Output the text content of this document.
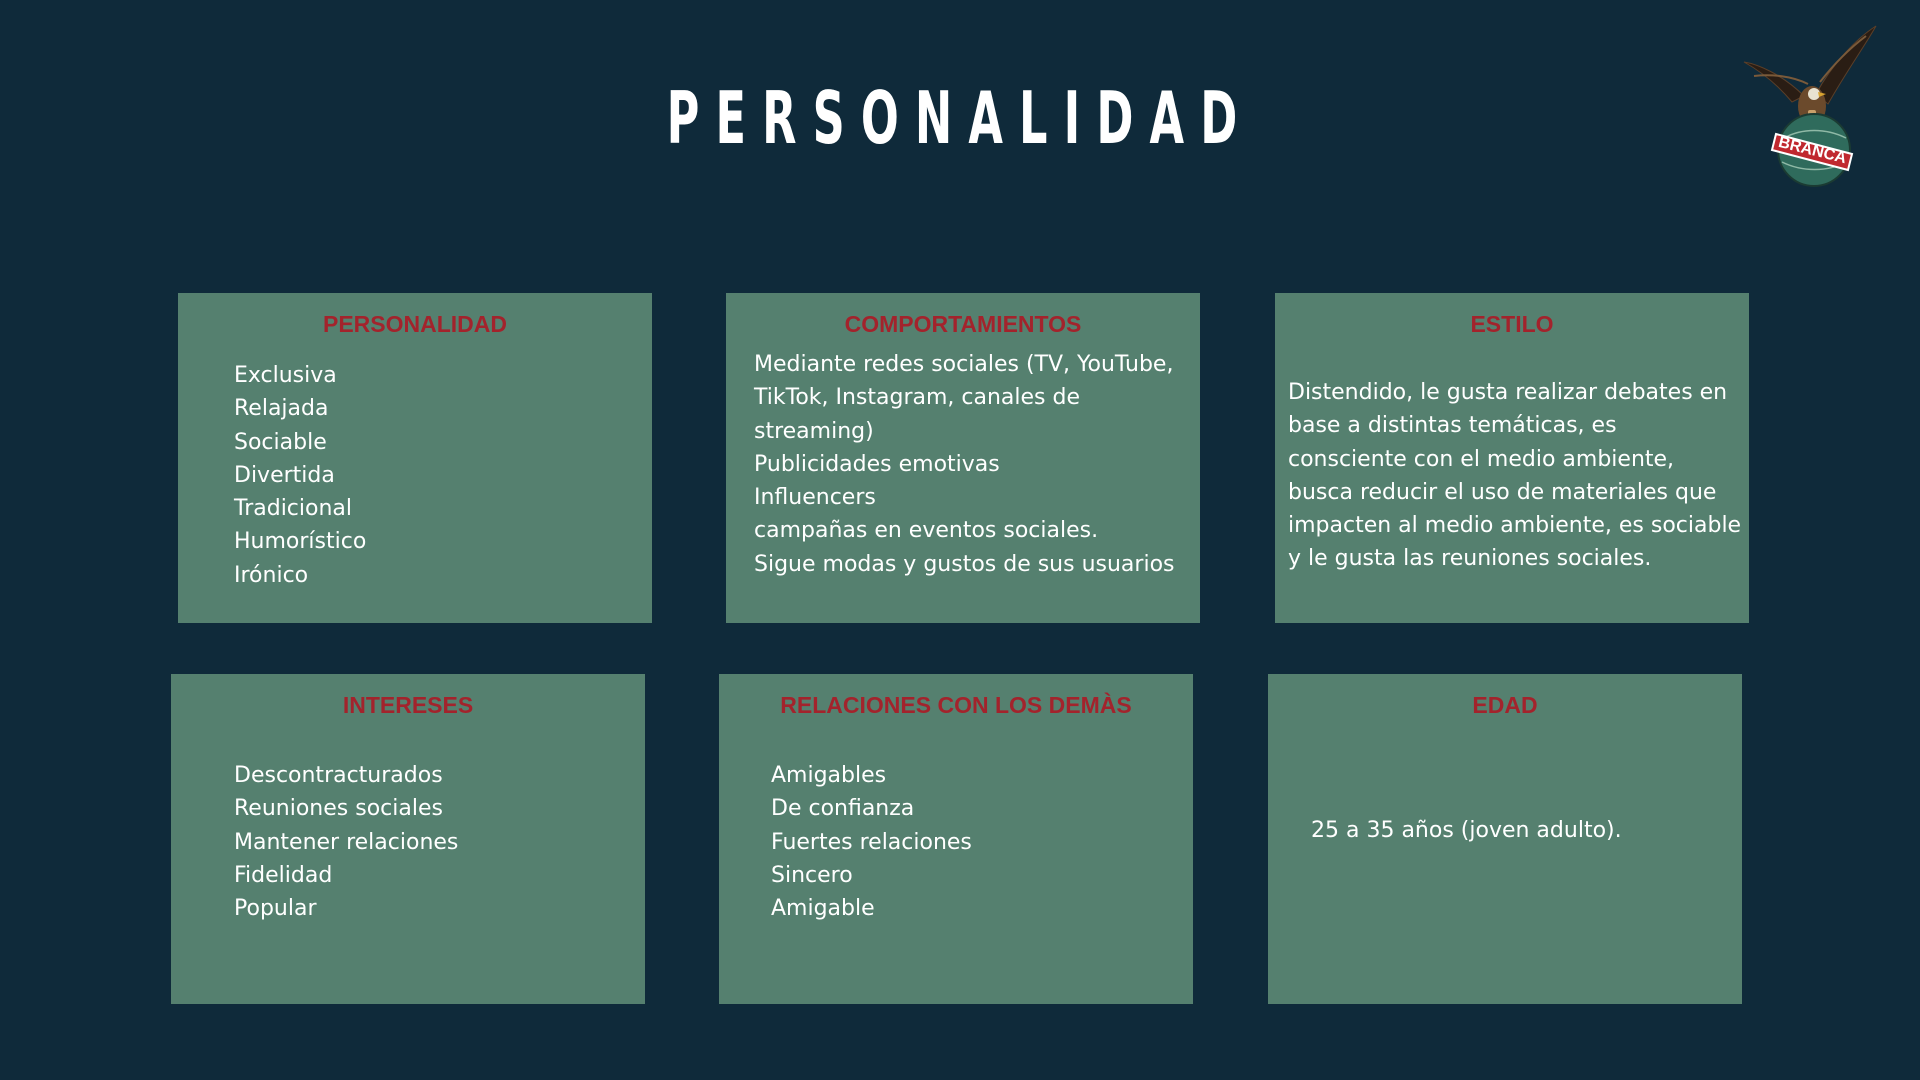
PERSONALIDAD	BRANCA
PERSONALIDAD
Exclusiva
Relajada
Sociable
Divertida
Tradicional
Humorístico
Irónico
COMPORTAMIENTOS
Mediante redes sociales (TV, YouTube,
TikTok, Instagram, canales de
streaming)
Publicidades emotivas
Influencers
campañas en eventos sociales.
Sigue modas y gustos de sus usuarios
ESTILO
Distendido, le gusta realizar debates en
base a distintas temáticas, es
consciente con el medio ambiente,
busca reducir el uso de materiales que
impacten al medio ambiente, es sociable
y le gusta las reuniones sociales.
INTERESES
Descontracturados
Reuniones sociales
Mantener relaciones
Fidelidad
Popular
RELACIONES CON LOS DEMÀS
Amigables
De confianza
Fuertes relaciones
Sincero
Amigable
EDAD

25 a 35 años (joven adulto).
